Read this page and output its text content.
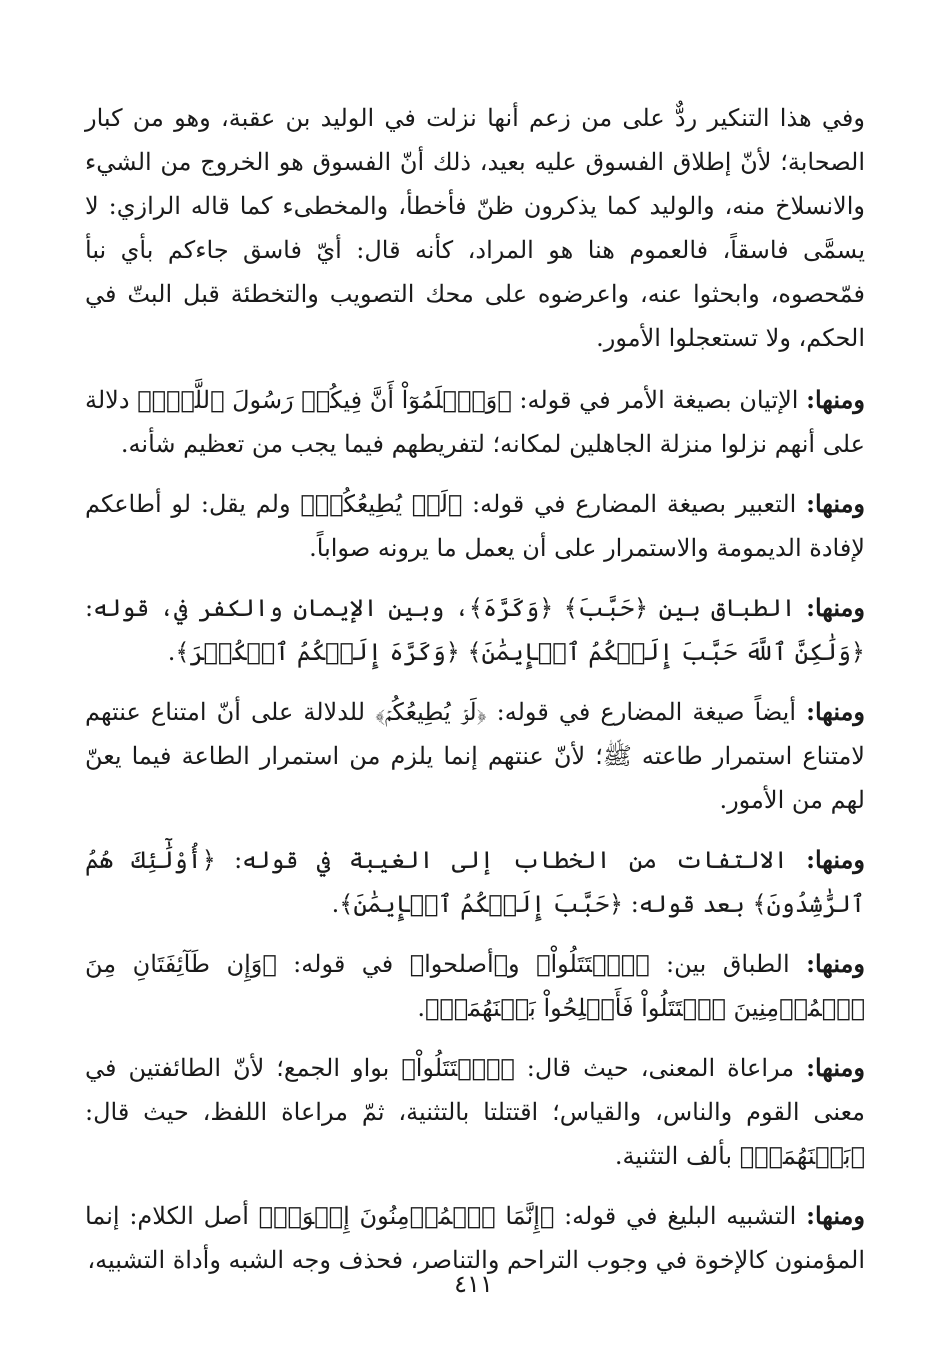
وفي هذا التنكير ردٌّ على من زعم أنها نزلت في الوليد بن عقبة، وهو من كبار الصحابة؛ لأنّ إطلاق الفسوق عليه بعيد، ذلك أنّ الفسوق هو الخروج من الشيء والانسلاخ منه، والوليد كما يذكرون ظنّ فأخطأ، والمخطىء كما قاله الرازي: لا يسمَّى فاسقاً، فالعموم هنا هو المراد، كأنه قال: أيّ فاسق جاءكم بأي نبأ فمّحصوه، وابحثوا عنه، واعرضوه على محك التصويب والتخطئة قبل البتّ في الحكم، ولا تستعجلوا الأمور.

ومنها: الإتيان بصيغة الأمر في قوله: ﴿وَٱعۡلَمُوٓاْ أَنَّ فِيكُمۡ رَسُولَ ٱللَّهِۚ﴾ دلالة على أنهم نزلوا منزلة الجاهلين لمكانه؛ لتفريطهم فيما يجب من تعظيم شأنه.

ومنها: التعبير بصيغة المضارع في قوله: ﴿لَوۡ يُطِيعُكُمۡ﴾ ولم يقل: لو أطاعكم لإفادة الديمومة والاستمرار على أن يعمل ما يرونه صواباً.

ومنها: الطباق بين ﴿حَبَّبَ﴾ ﴿وَكَرَّهَ﴾، وبين الإيمان والكفر في، قوله: ﴿وَلَٰكِنَّ ٱللَّهَ حَبَّبَ إِلَيۡكُمُ ٱلۡإِيمَٰنَ﴾ ﴿وَكَرَّهَ إِلَيۡكُمُ ٱلۡكُفۡرَ﴾.

ومنها: أيضاً صيغة المضارع في قوله: ﴿لَوۡ يُطِيعُكُمۡ﴾ للدلالة على أنّ امتناع عنتهم لامتناع استمرار طاعته ﷺ؛ لأنّ عنتهم إنما يلزم من استمرار الطاعة فيما يعنّ لهم من الأمور.

ومنها: الالتفات من الخطاب إلى الغيبة في قوله: ﴿أُوْلَٰٓئِكَ هُمُ ٱلرَّٰشِدُونَ﴾ بعد قوله: ﴿حَبَّبَ إِلَيۡكُمُ ٱلۡإِيمَٰنَ﴾.

ومنها: الطباق بين: ﴿ٱقۡتَتَلُواْ﴾ و﴿أصلحوا﴾ في قوله: ﴿وَإِن طَآئِفَتَانِ مِنَ ٱلۡمُؤۡمِنِينَ ٱقۡتَتَلُواْ فَأَصۡلِحُواْ بَيۡنَهُمَاۖ﴾.

ومنها: مراعاة المعنى، حيث قال: ﴿ٱقۡتَتَلُواْ﴾ بواو الجمع؛ لأنّ الطائفتين في معنى القوم والناس، والقياس؛ اقتتلتا بالتثنية، ثمّ مراعاة اللفظ، حيث قال: ﴿بَيۡنَهُمَاۖ﴾ بألف التثنية.

ومنها: التشبيه البليغ في قوله: ﴿إِنَّمَا ٱلۡمُؤۡمِنُونَ إِخۡوَةٞ﴾ أصل الكلام: إنما المؤمنون كالإخوة في وجوب التراحم والتناصر، فحذف وجه الشبه وأداة التشبيه،

٤١١
